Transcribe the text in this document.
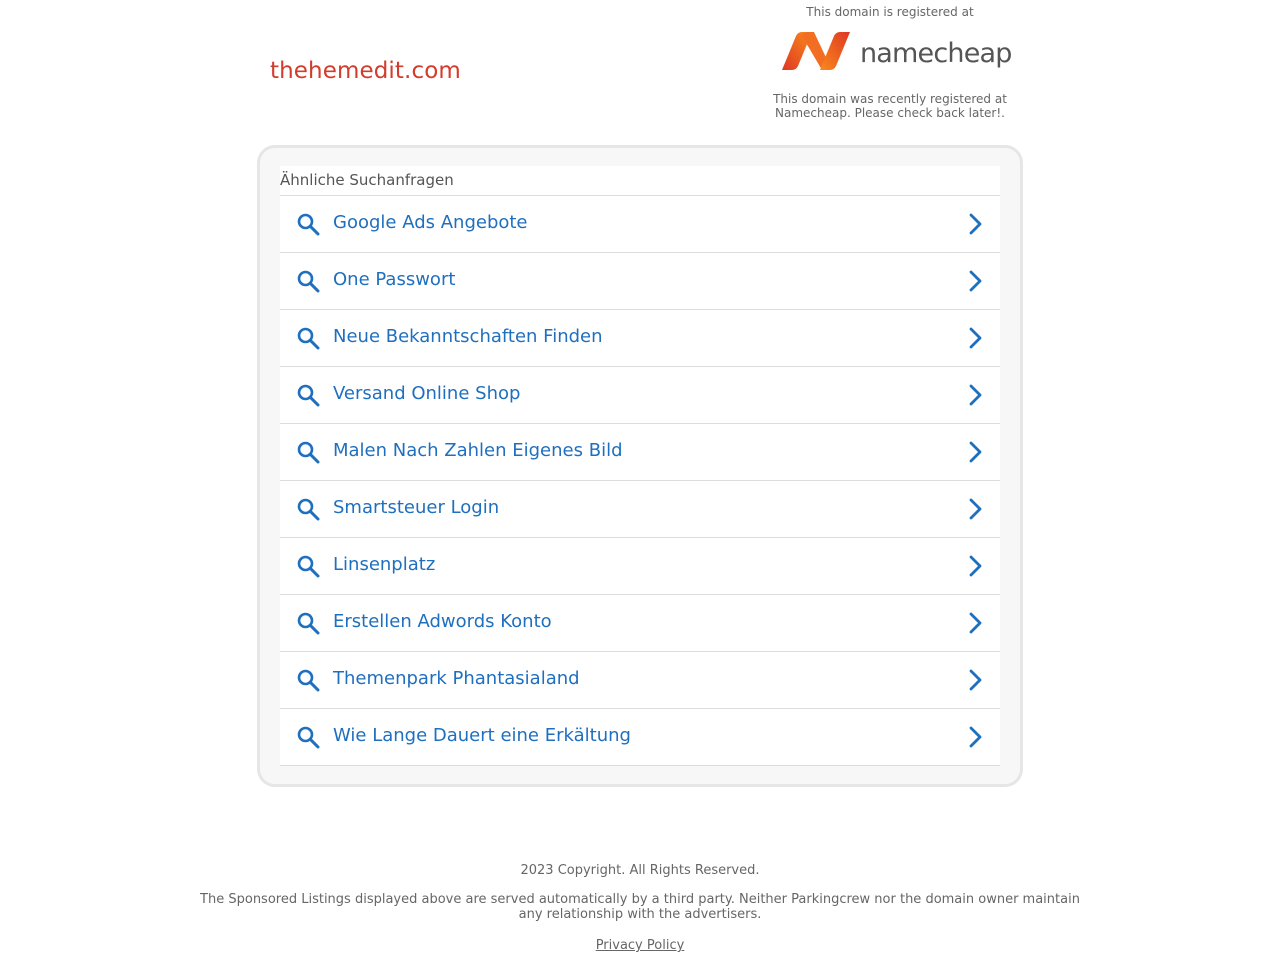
thehemedit.com
This domain is registered at
namecheap
This domain was recently registered at
Namecheap. Please check back later!.
Ähnliche Suchanfragen
Google Ads Angebote
One Passwort
Neue Bekanntschaften Finden
Versand Online Shop
Malen Nach Zahlen Eigenes Bild
Smartsteuer Login
Linsenplatz
Erstellen Adwords Konto
Themenpark Phantasialand
Wie Lange Dauert eine Erkältung
2023 Copyright. All Rights Reserved.
The Sponsored Listings displayed above are served automatically by a third party. Neither Parkingcrew nor the domain owner maintain any relationship with the advertisers.
Privacy Policy
